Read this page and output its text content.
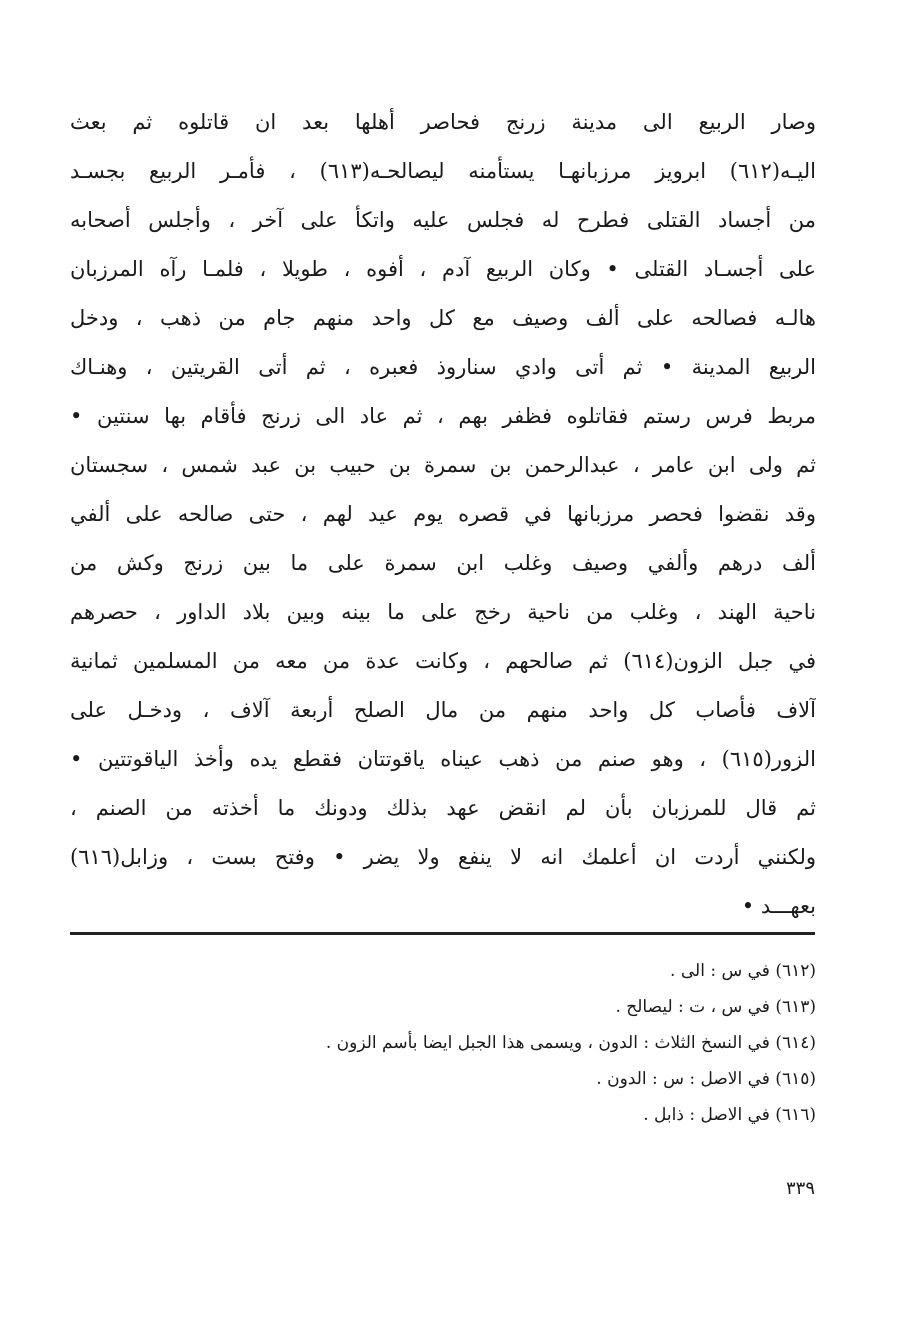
وصار الربيع الى مدينة زرنج فحاصر أهلها بعد ان قاتلوه ثم بعث
اليـه(٦١٢) ابرويز مرزبانهـا يستأمنه ليصالحـه(٦١٣) ، فأمـر الربيع بجسـد
من أجساد القتلى فطرح له فجلس عليه واتكأ على آخر ، وأجلس أصحابه
على أجسـاد القتلى • وكان الربيع آدم ، أفوه ، طويلا ، فلمـا رآه المرزبان
هالـه فصالحه على ألف وصيف مع كل واحد منهم جام من ذهب ، ودخل
الربيع المدينة • ثم أتى وادي سناروذ فعبره ، ثم أتى القريتين ، وهنـاك
مربط فرس رستم فقاتلوه فظفر بهم ، ثم عاد الى زرنج فأقام بها سنتين •
ثم ولى ابن عامر ، عبدالرحمن بن سمرة بن حبيب بن عبد شمس ، سجستان
وقد نقضوا فحصر مرزبانها في قصره يوم عيد لهم ، حتى صالحه على ألفي
ألف درهم وألفي وصيف وغلب ابن سمرة على ما بين زرنج وكش من
ناحية الهند ، وغلب من ناحية رخج على ما بينه وبين بلاد الداور ، حصرهم
في جبل الزون(٦١٤) ثم صالحهم ، وكانت عدة من معه من المسلمين ثمانية
آلاف فأصاب كل واحد منهم من مال الصلح أربعة آلاف ، ودخـل على
الزور(٦١٥) ، وهو صنم من ذهب عيناه ياقوتتان فقطع يده وأخذ الياقوتتين •
ثم قال للمرزبان بأن لم انقض عهد بذلك ودونك ما أخذته من الصنم ،
ولكنني أردت ان أعلمك انه لا ينفع ولا يضر • وفتح بست ، وزابل(٦١٦)
بعهـــد •
(٦١٢) في س : الى .
(٦١٣) في س ، ت : ليصالح .
(٦١٤) في النسخ الثلاث : الدون ، ويسمى هذا الجبل ايضا بأسم الزون .
(٦١٥) في الاصل : س : الدون .
(٦١٦) في الاصل : ذابل .
٣٣٩
